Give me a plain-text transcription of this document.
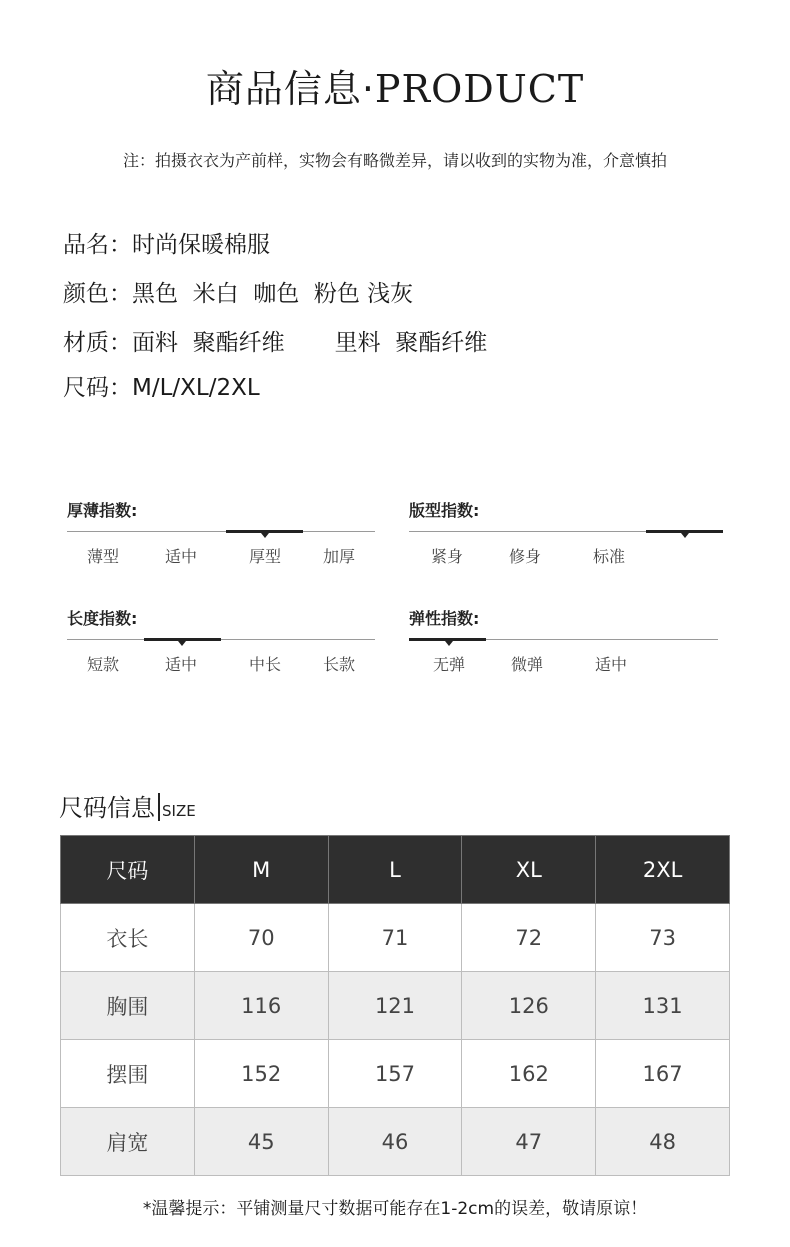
商品信息·PRODUCT
注：拍摄衣衣为产前样，实物会有略微差异，请以收到的实物为准，介意慎拍
品名：时尚保暖棉服
颜色：黑色  米白  咖色  粉色 浅灰
材质：面料  聚酯纤维 里料  聚酯纤维
尺码：M/L/XL/2XL
厚薄指数:
薄型	适中	厚型	加厚
版型指数:
紧身	修身	标准
长度指数:
短款	适中	中长	长款
弹性指数:
无弹	微弹	适中
尺码信息 SIZE
尺码	M	L	XL	2XL
衣长	70	71	72	73
胸围	116	121	126	131
摆围	152	157	162	167
肩宽	45	46	47	48
*温馨提示：平铺测量尺寸数据可能存在1-2cm的误差，敬请原谅！
